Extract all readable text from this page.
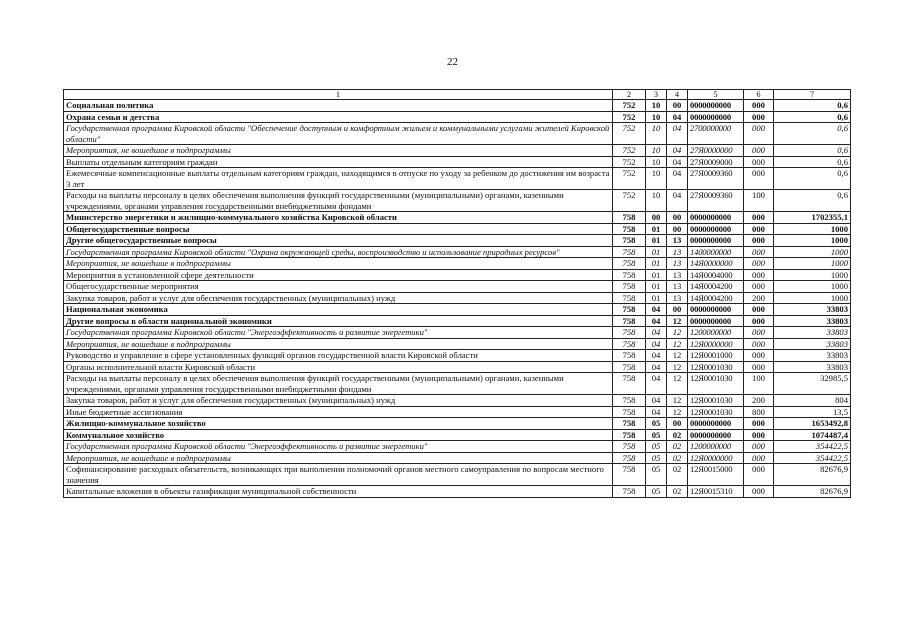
22
1	2	3	4	5	6	7
Социальная политика	752	10	00	0000000000	000	0,6
Охрана семьи и детства	752	10	04	0000000000	000	0,6
Государственная программа Кировской области "Обеспечение доступным и комфортным жильем и коммунальными услугами жителей Кировской области"	752	10	04	2700000000	000	0,6
Мероприятия, не вошедшие в подпрограммы	752	10	04	27Я0000000	000	0,6
Выплаты отдельным категориям граждан	752	10	04	27Я0009000	000	0,6
Ежемесячные компенсационные выплаты отдельным категориям граждан, находящимся в отпуске по уходу за ребенком до достижения им возраста 3 лет	752	10	04	27Я0009360	000	0,6
Расходы на выплаты персоналу в целях обеспечения выполнения функций государственными (муниципальными) органами, казенными учреждениями, органами управления государственными внебюджетными фондами	752	10	04	27Я0009360	100	0,6
Министерство энергетики и жилищно-коммунального хозяйства Кировской области	758	00	00	0000000000	000	1702355,1
Общегосударственные вопросы	758	01	00	0000000000	000	1000
Другие общегосударственные вопросы	758	01	13	0000000000	000	1000
Государственная программа Кировской области "Охрана окружающей среды, воспроизводство и использование природных ресурсов"	758	01	13	1400000000	000	1000
Мероприятия, не вошедшие в подпрограммы	758	01	13	14Я0000000	000	1000
Мероприятия в установленной сфере деятельности	758	01	13	14Я0004000	000	1000
Общегосударственные мероприятия	758	01	13	14Я0004200	000	1000
Закупка товаров, работ и услуг для обеспечения государственных (муниципальных) нужд	758	01	13	14Я0004200	200	1000
Национальная экономика	758	04	00	0000000000	000	33803
Другие вопросы в области национальной экономики	758	04	12	0000000000	000	33803
Государственная программа Кировской области "Энергоэффективность и развитие энергетики"	758	04	12	1200000000	000	33803
Мероприятия, не вошедшие в подпрограммы	758	04	12	12Я0000000	000	33803
Руководство и управление в сфере установленных функций органов государственной власти Кировской области	758	04	12	12Я0001000	000	33803
Органы исполнительной власти Кировской области	758	04	12	12Я0001030	000	33803
Расходы на выплаты персоналу в целях обеспечения выполнения функций государственными (муниципальными) органами, казенными учреждениями, органами управления государственными внебюджетными фондами	758	04	12	12Я0001030	100	32985,5
Закупка товаров, работ и услуг для обеспечения государственных (муниципальных) нужд	758	04	12	12Я0001030	200	804
Иные бюджетные ассигнования	758	04	12	12Я0001030	800	13,5
Жилищно-коммунальное хозяйство	758	05	00	0000000000	000	1653492,8
Коммунальное хозяйство	758	05	02	0000000000	000	1074487,4
Государственная программа Кировской области "Энергоэффективность и развитие энергетики"	758	05	02	1200000000	000	354422,5
Мероприятия, не вошедшие в подпрограммы	758	05	02	12Я0000000	000	354422,5
Софинансирование расходных обязательств, возникающих при выполнении полномочий органов местного самоуправления по вопросам местного значения	758	05	02	12Я0015000	000	82676,9
Капитальные вложения в объекты газификации муниципальной собственности	758	05	02	12Я0015310	000	82676,9
